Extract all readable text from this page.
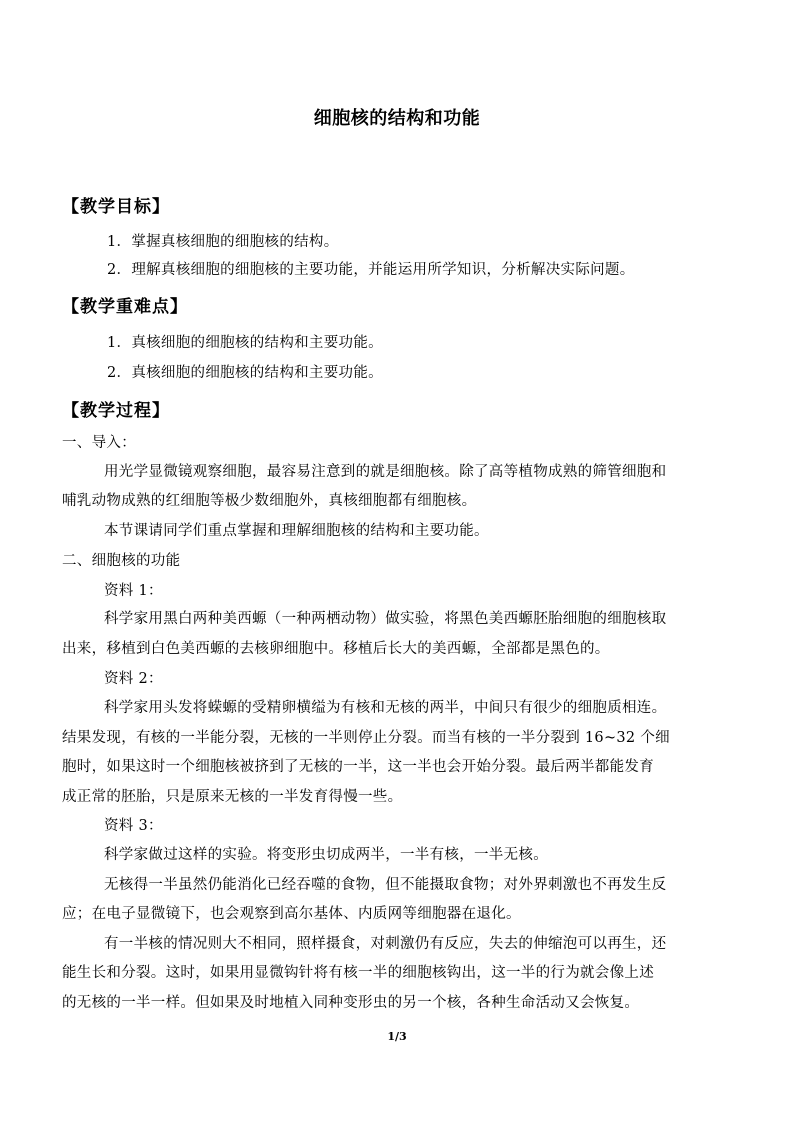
细胞核的结构和功能
【教学目标】
1．掌握真核细胞的细胞核的结构。
2．理解真核细胞的细胞核的主要功能，并能运用所学知识，分析解决实际问题。
【教学重难点】
1．真核细胞的细胞核的结构和主要功能。
2．真核细胞的细胞核的结构和主要功能。
【教学过程】
一、导入：
用光学显微镜观察细胞，最容易注意到的就是细胞核。除了高等植物成熟的筛管细胞和
哺乳动物成熟的红细胞等极少数细胞外，真核细胞都有细胞核。
本节课请同学们重点掌握和理解细胞核的结构和主要功能。
二、细胞核的功能
资料 1：
科学家用黑白两种美西螈（一种两栖动物）做实验，将黑色美西螈胚胎细胞的细胞核取
出来，移植到白色美西螈的去核卵细胞中。移植后长大的美西螈，全部都是黑色的。
资料 2：
科学家用头发将蝾螈的受精卵横缢为有核和无核的两半，中间只有很少的细胞质相连。
结果发现，有核的一半能分裂，无核的一半则停止分裂。而当有核的一半分裂到 16~32 个细
胞时，如果这时一个细胞核被挤到了无核的一半，这一半也会开始分裂。最后两半都能发育
成正常的胚胎，只是原来无核的一半发育得慢一些。
资料 3：
科学家做过这样的实验。将变形虫切成两半，一半有核，一半无核。
无核得一半虽然仍能消化已经吞噬的食物，但不能摄取食物；对外界刺激也不再发生反
应；在电子显微镜下，也会观察到高尔基体、内质网等细胞器在退化。
有一半核的情况则大不相同，照样摄食，对刺激仍有反应，失去的伸缩泡可以再生，还
能生长和分裂。这时，如果用显微钩针将有核一半的细胞核钩出，这一半的行为就会像上述
的无核的一半一样。但如果及时地植入同种变形虫的另一个核，各种生命活动又会恢复。
1/3
